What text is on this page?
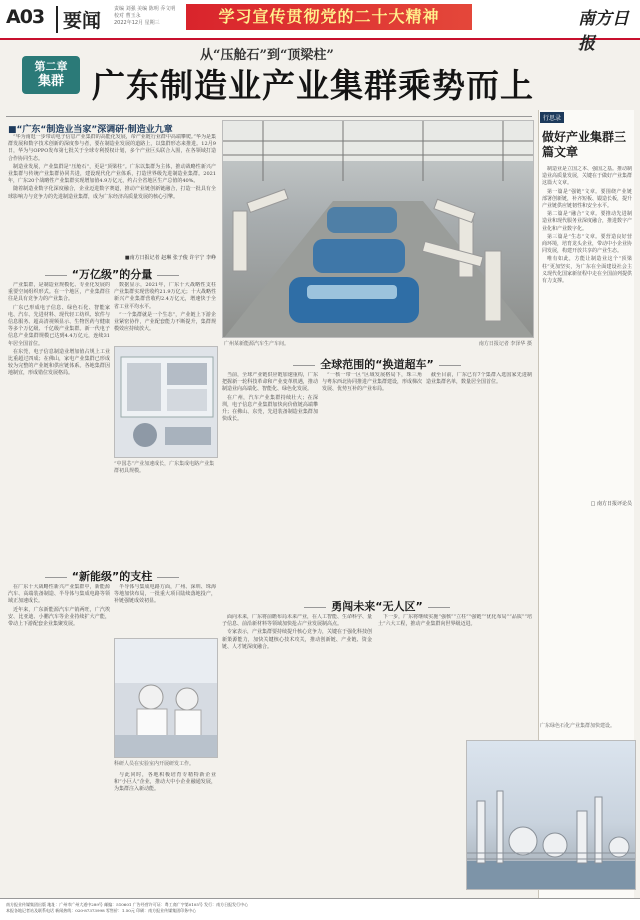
A03 要闻
责编 刘强 美编 陈明 乔文明
校对 曹玉永
2022年12月 星期三	学习宣传贯彻党的二十大精神	南方日报
从“压舱石”到“顶梁柱”
第二章
集群 广东制造业产业集群乘势而上
■“广东“制造业当家”深调研·制造业九章

“华为南逛一步带动电子信息产业集群的高能化发展，帝产业链行业群中高端攀爬。”华为是集群发展和数字技术创新的深度参与者，要在制造业发展的道路上，以集群形态来推进。12月9日，华为与OPPO发布第七批关于全球专利授权计划，多个产业巨头联合入围，在各领域打造合作协同生态。

制造业发展，产业集群是“压舱石”，更是“顶梁柱”。广东以集群为主体，推动战略性新兴产业集群与传统产业集群协同共进，建设现代化产业体系，打造世界级先进制造业集群。2021年，广东20个战略性产业集群实现增加值4.9万亿元，约占全省地区生产总值的40%。

随着制造业数字化深度融合，企业迈进数字赛道，推动产业链创新链融合，打造一批具有全球影响力与竞争力的先进制造业集群，成为广东经济高质量发展的核心引擎。

■南方日报记者 赵琳 张子俊 许宇宁 李峥
广州某新能源汽车生产车间。	南方日报记者 李泽华 摄
“万亿级”的分量

产业集群，是制造业规模化、专业化发展的重要空间组织形式。在一个地区，产业集群往往是具有竞争力的产业集合。

广东已形成电子信息、绿色石化、智能家电、汽车、先进材料、现代轻工纺织、软件与信息服务、超高清视频显示、生物医药与健康等多个万亿级、千亿级产业集群。新一代电子信息产业集群规模已达到4.4万亿元，连续31年居全国首位。

在东莞，电子信息制造业增加值占规上工业比重超过四成；在佛山，家电产业集群已形成较为完整的产业链和供应链体系。各地集群因地制宜，形成错位发展格局。

数据显示，2021年，广东十大战略性支柱产业集群实现营收约21.9万亿元；十大战略性新兴产业集群营收约2.4万亿元，增速快于全省工业平均水平。

“一个集群就是一个生态”，产业链上下游企业紧密协作，产业配套能力不断提升，集群规模效应持续放大。

“中国芯”产业加速成长，广东集成电路产业集群初具规模。
全球范围的“换道超车”

当前，全球产业链供应链加速重构，广东把握新一轮科技革命和产业变革机遇，推动制造业向高端化、智能化、绿色化发展。

在广州，汽车产业集群持续壮大；在深圳，电子信息产业集群加快向价值链高端攀升；在佛山、东莞，先进装备制造业集群加快成长。

“一核一带一区”区域发展格局下，珠三角与粤东西北协同推进产业集群建设，形成梯次发展、优势互补的产业布局。

截至目前，广东已有7个集群入选国家先进制造业集群名单，数量居全国首位。

“新能级”的支柱

在广东十大战略性新兴产业集群中，新能源汽车、高端装备制造、半导体与集成电路等领域正加速成长。

近年来，广东新能源汽车产销两旺，广汽埃安、比亚迪、小鹏汽车等企业持续扩大产能，带动上下游配套企业集聚发展。

半导体与集成电路方面，广州、深圳、珠海等地加快布局，一批重大项目陆续落地投产，补链强链成效初显。

科研人员在实验室内开展研发工作。

与此同时，各地积极培育专精特新企业和“小巨人”企业，推动大中小企业融通发展，为集群注入新动能。

勇闯未来“无人区”

面向未来，广东将前瞻布局未来产业，在人工智能、生命科学、量子信息、前沿新材料等领域加快抢占产业发展制高点。

专家表示，产业集群要持续提升核心竞争力，关键在于强化科技创新策源能力，加快关键核心技术攻关，推动创新链、产业链、资金链、人才链深度融合。

下一步，广东将继续实施“强核”“立柱”“强链”“优化布局”“品质”“培土”六大工程，推动产业集群向世界级迈进。

行思录
做好产业集群三篇文章

制造业是立国之本、强国之基。推动制造业高质量发展，关键在于做好产业集群这篇大文章。

第一篇是“强链”文章。要围绕产业链部署创新链，补齐短板、锻造长板，提升产业链供应链韧性和安全水平。

第二篇是“融合”文章。要推动先进制造业和现代服务业深度融合，推进数字产业化和产业数字化。

第三篇是“生态”文章。要营造良好营商环境，培育龙头企业，带动中小企业协同发展，构建开放共享的产业生态。

唯有如此，方能让制造业这个“顶梁柱”更加坚实，为广东在全面建设社会主义现代化国家新征程中走在全国前列提供有力支撑。

□ 南方日报评论员
广东绿色石化产业集群加快建设。
南方报业传媒集团出版 地址：广州市广州大道中289号 邮编：510601 广告经营许可证：粤工商广字第0105号 发行：南方日报发行中心
本报各地记者站及联系电话 新闻热线：020-87373998 零售价：1.50元 印刷：南方报业传媒集团印务中心
